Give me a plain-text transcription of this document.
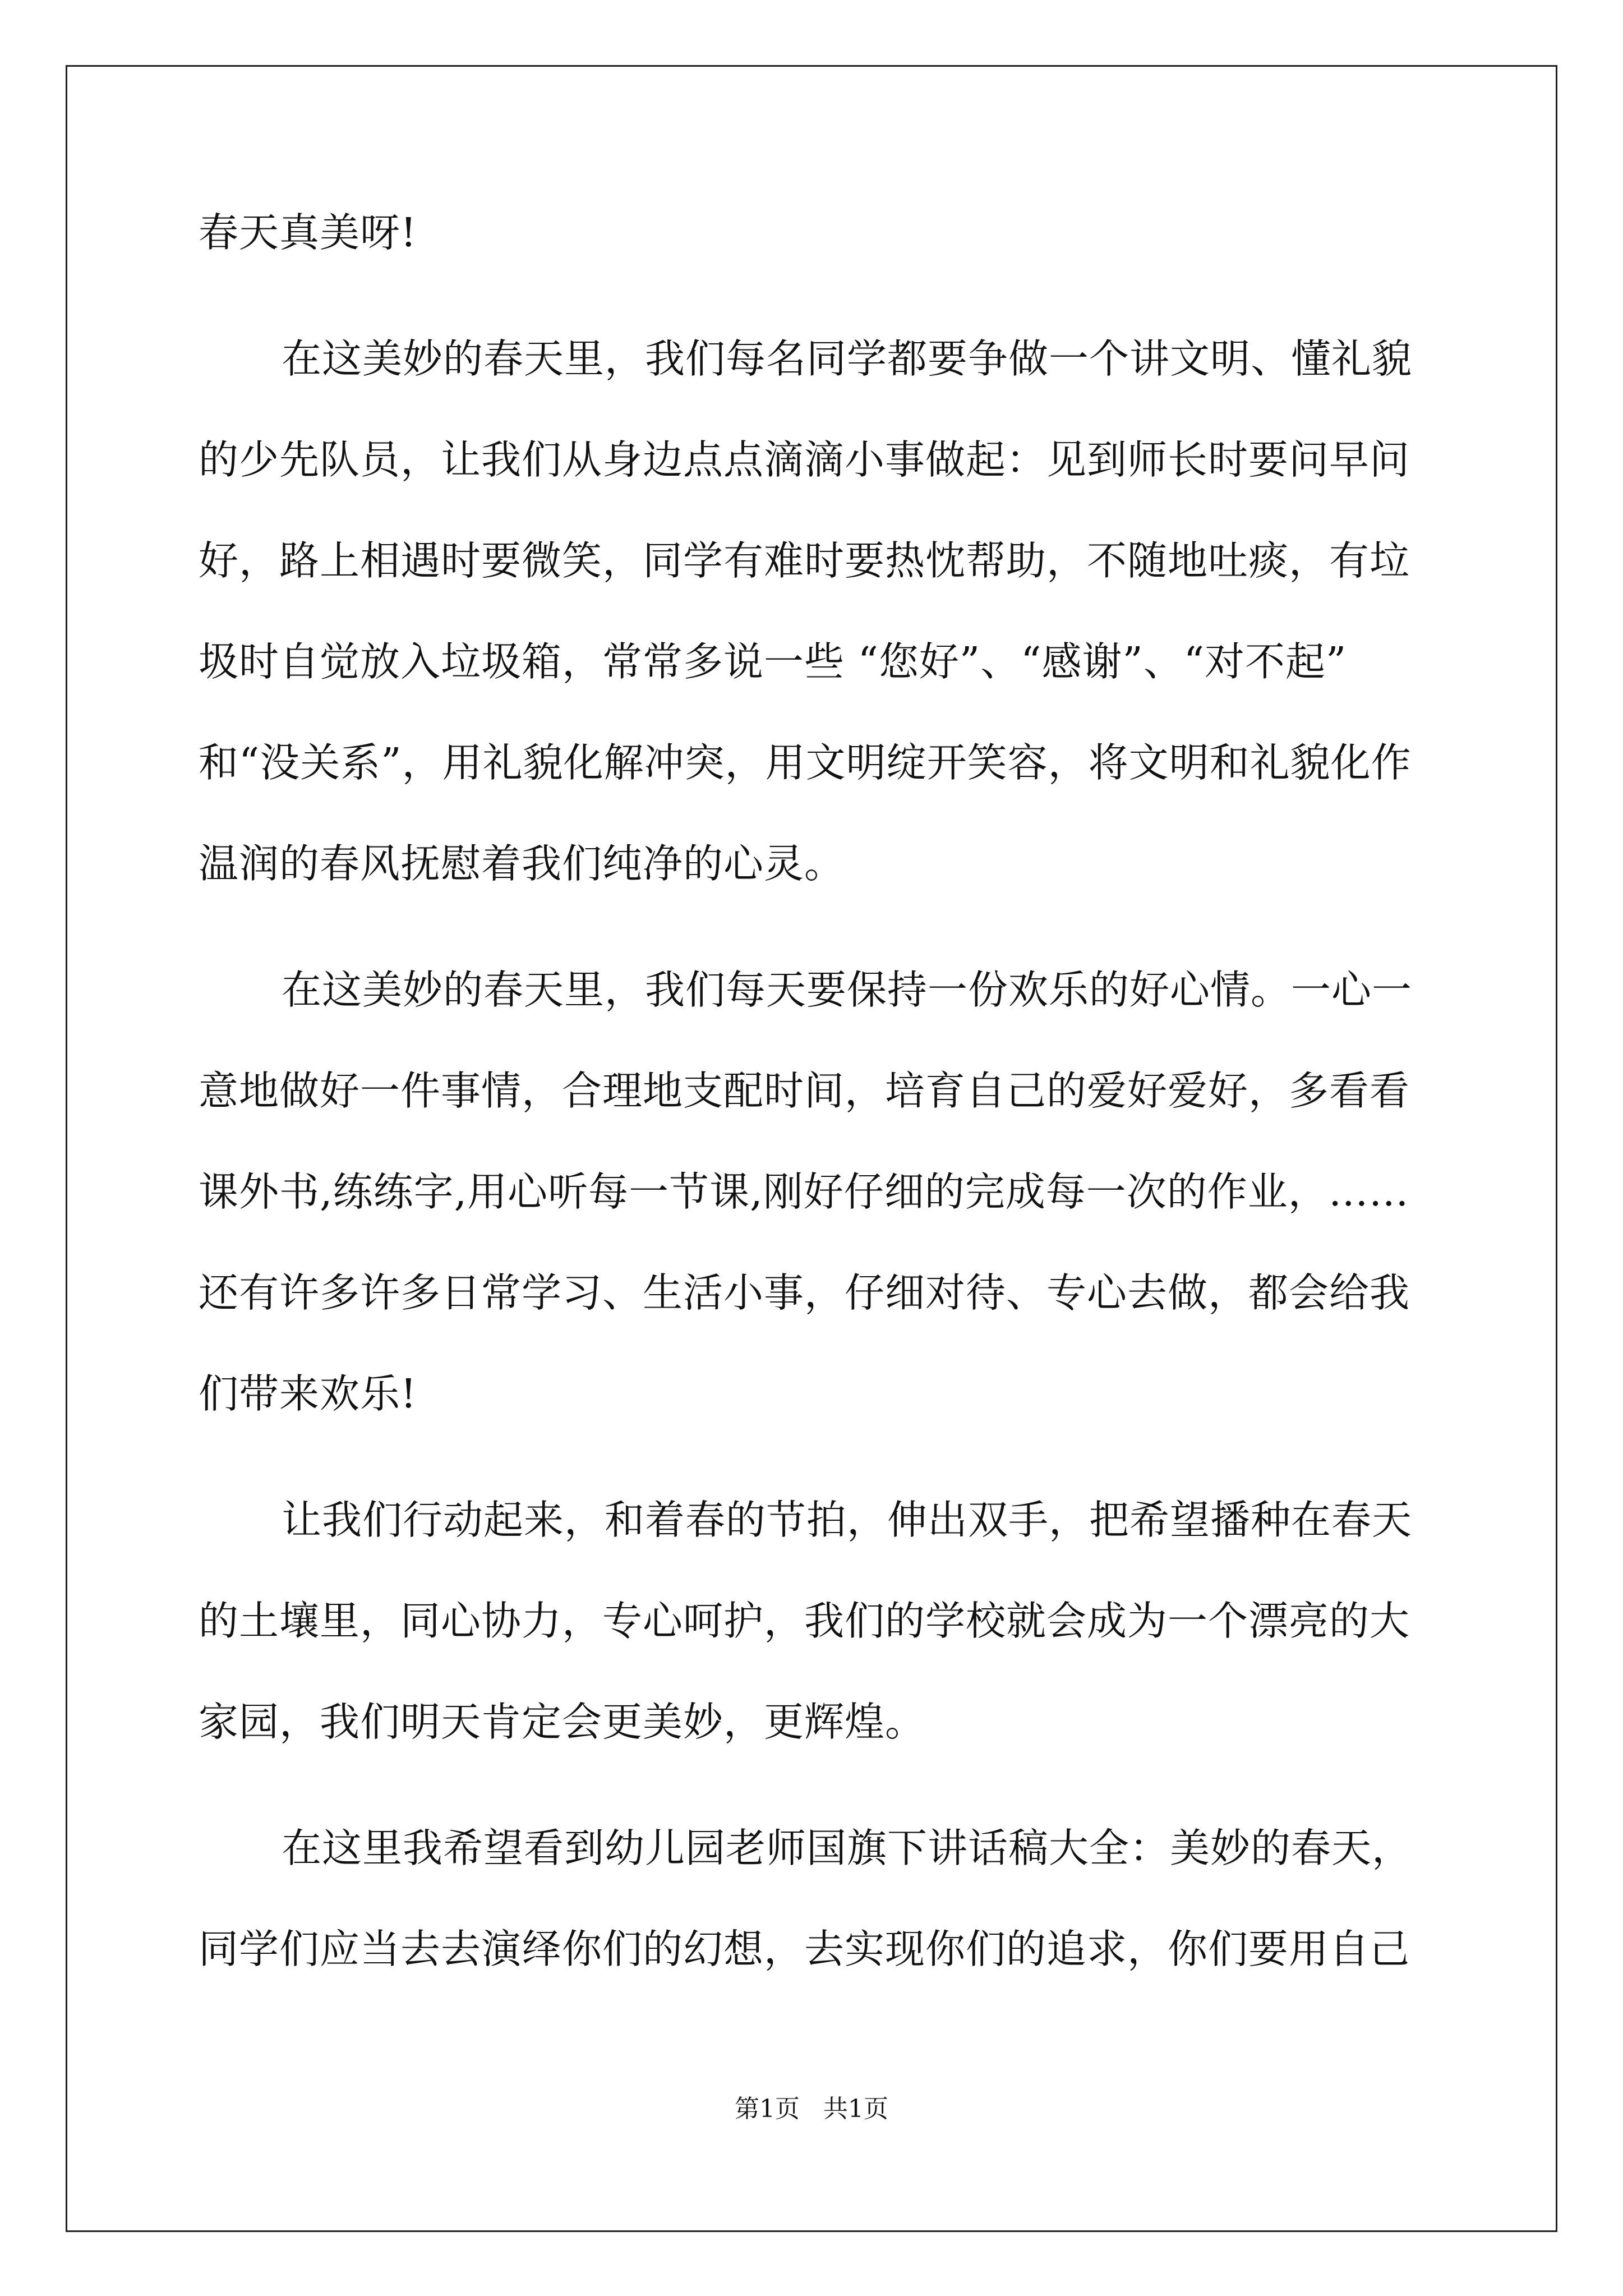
春天真美呀!
在这美妙的春天里，我们每名同学都要争做一个讲文明、懂礼貌
的少先队员，让我们从身边点点滴滴小事做起：见到师长时要问早问
好，路上相遇时要微笑，同学有难时要热忱帮助，不随地吐痰，有垃
圾时自觉放入垃圾箱，常常多说一些 “您好”、“感谢”、“对不起”
和“没关系”，用礼貌化解冲突，用文明绽开笑容，将文明和礼貌化作
温润的春风抚慰着我们纯净的心灵。
在这美妙的春天里，我们每天要保持一份欢乐的好心情。一心一
意地做好一件事情，合理地支配时间，培育自己的爱好爱好，多看看
课外书,练练字,用心听每一节课,刚好仔细的完成每一次的作业，……
还有许多许多日常学习、生活小事，仔细对待、专心去做，都会给我
们带来欢乐!
让我们行动起来，和着春的节拍，伸出双手，把希望播种在春天
的土壤里，同心协力，专心呵护，我们的学校就会成为一个漂亮的大
家园，我们明天肯定会更美妙，更辉煌。
在这里我希望看到幼儿园老师国旗下讲话稿大全：美妙的春天，
同学们应当去去演绎你们的幻想，去实现你们的追求，你们要用自己
第1页   共1页
